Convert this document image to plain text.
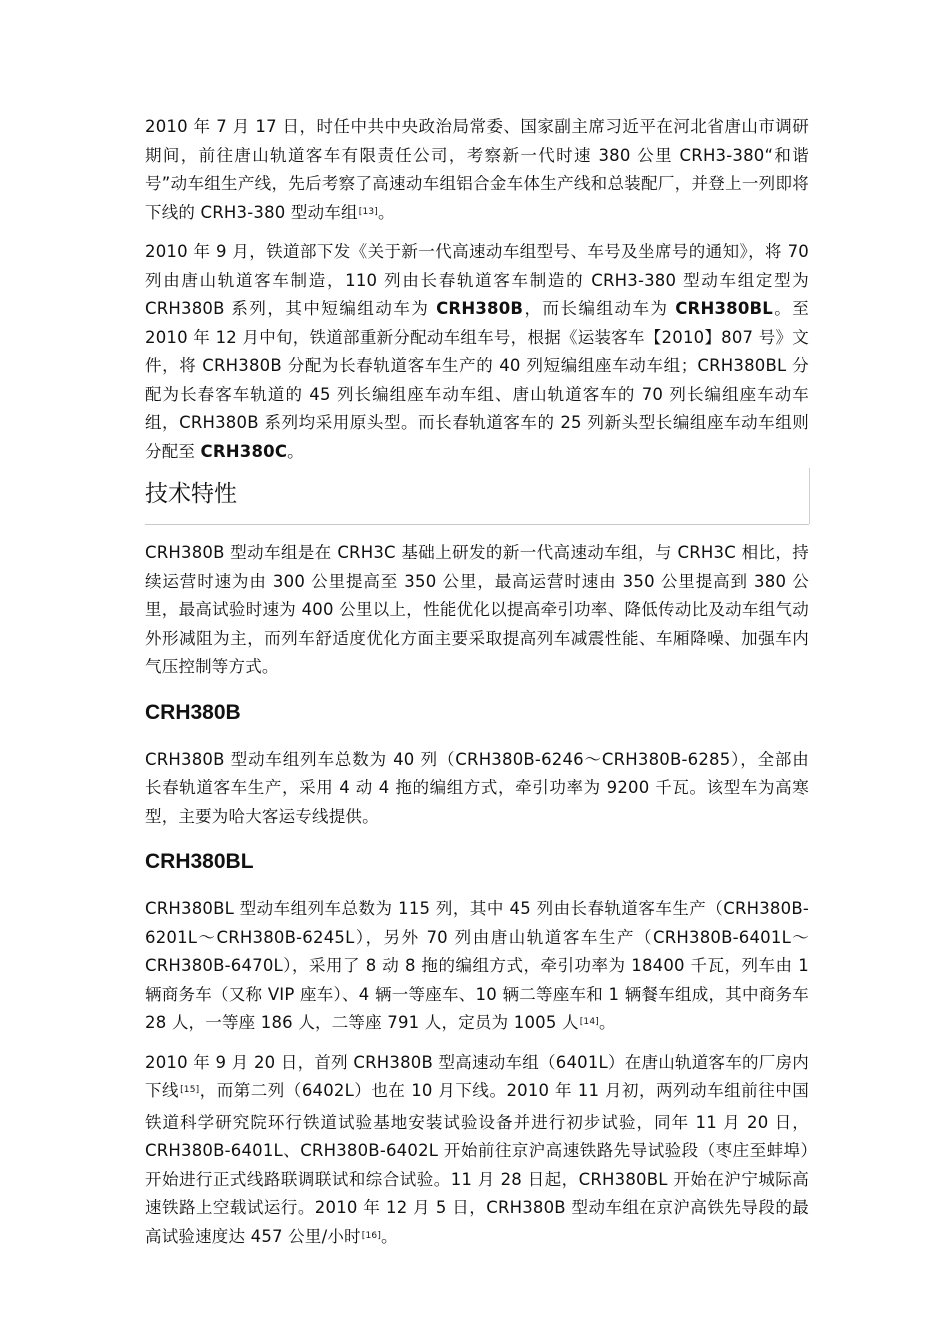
2010 年 7 月 17 日，时任中共中央政治局常委、国家副主席习近平在河北省唐山市调研期间，前往唐山轨道客车有限责任公司，考察新一代时速 380 公里 CRH3-380“和谐号”动车组生产线，先后考察了高速动车组铝合金车体生产线和总装配厂，并登上一列即将下线的 CRH3-380 型动车组[13]。

2010 年 9 月，铁道部下发《关于新一代高速动车组型号、车号及坐席号的通知》，将 70 列由唐山轨道客车制造，110 列由长春轨道客车制造的 CRH3-380 型动车组定型为 CRH380B 系列，其中短编组动车为 CRH380B，而长编组动车为 CRH380BL。至 2010 年 12 月中旬，铁道部重新分配动车组车号，根据《运装客车【2010】807 号》文件，将 CRH380B 分配为长春轨道客车生产的 40 列短编组座车动车组；CRH380BL 分配为长春客车轨道的 45 列长编组座车动车组、唐山轨道客车的 70 列长编组座车动车组，CRH380B 系列均采用原头型。而长春轨道客车的 25 列新头型长编组座车动车组则分配至 CRH380C。

技术特性

CRH380B 型动车组是在 CRH3C 基础上研发的新一代高速动车组，与 CRH3C 相比，持续运营时速为由 300 公里提高至 350 公里，最高运营时速由 350 公里提高到 380 公里，最高试验时速为 400 公里以上，性能优化以提高牵引功率、降低传动比及动车组气动外形减阻为主，而列车舒适度优化方面主要采取提高列车减震性能、车厢降噪、加强车内气压控制等方式。

CRH380B

CRH380B 型动车组列车总数为 40 列（CRH380B-6246～CRH380B-6285），全部由长春轨道客车生产，采用 4 动 4 拖的编组方式，牵引功率为 9200 千瓦。该型车为高寒型，主要为哈大客运专线提供。

CRH380BL

CRH380BL 型动车组列车总数为 115 列，其中 45 列由长春轨道客车生产（CRH380B-6201L～CRH380B-6245L），另外 70 列由唐山轨道客车生产（CRH380B-6401L～CRH380B-6470L），采用了 8 动 8 拖的编组方式，牵引功率为 18400 千瓦，列车由 1 辆商务车（又称 VIP 座车）、4 辆一等座车、10 辆二等座车和 1 辆餐车组成，其中商务车 28 人，一等座 186 人，二等座 791 人，定员为 1005 人[14]。

2010 年 9 月 20 日，首列 CRH380B 型高速动车组（6401L）在唐山轨道客车的厂房内下线[15]，而第二列（6402L）也在 10 月下线。2010 年 11 月初，两列动车组前往中国铁道科学研究院环行铁道试验基地安装试验设备并进行初步试验，同年 11 月 20 日，CRH380B-6401L、CRH380B-6402L 开始前往京沪高速铁路先导试验段（枣庄至蚌埠）开始进行正式线路联调联试和综合试验。11 月 28 日起，CRH380BL 开始在沪宁城际高速铁路上空载试运行。2010 年 12 月 5 日，CRH380B 型动车组在京沪高铁先导段的最高试验速度达 457 公里/小时[16]。
